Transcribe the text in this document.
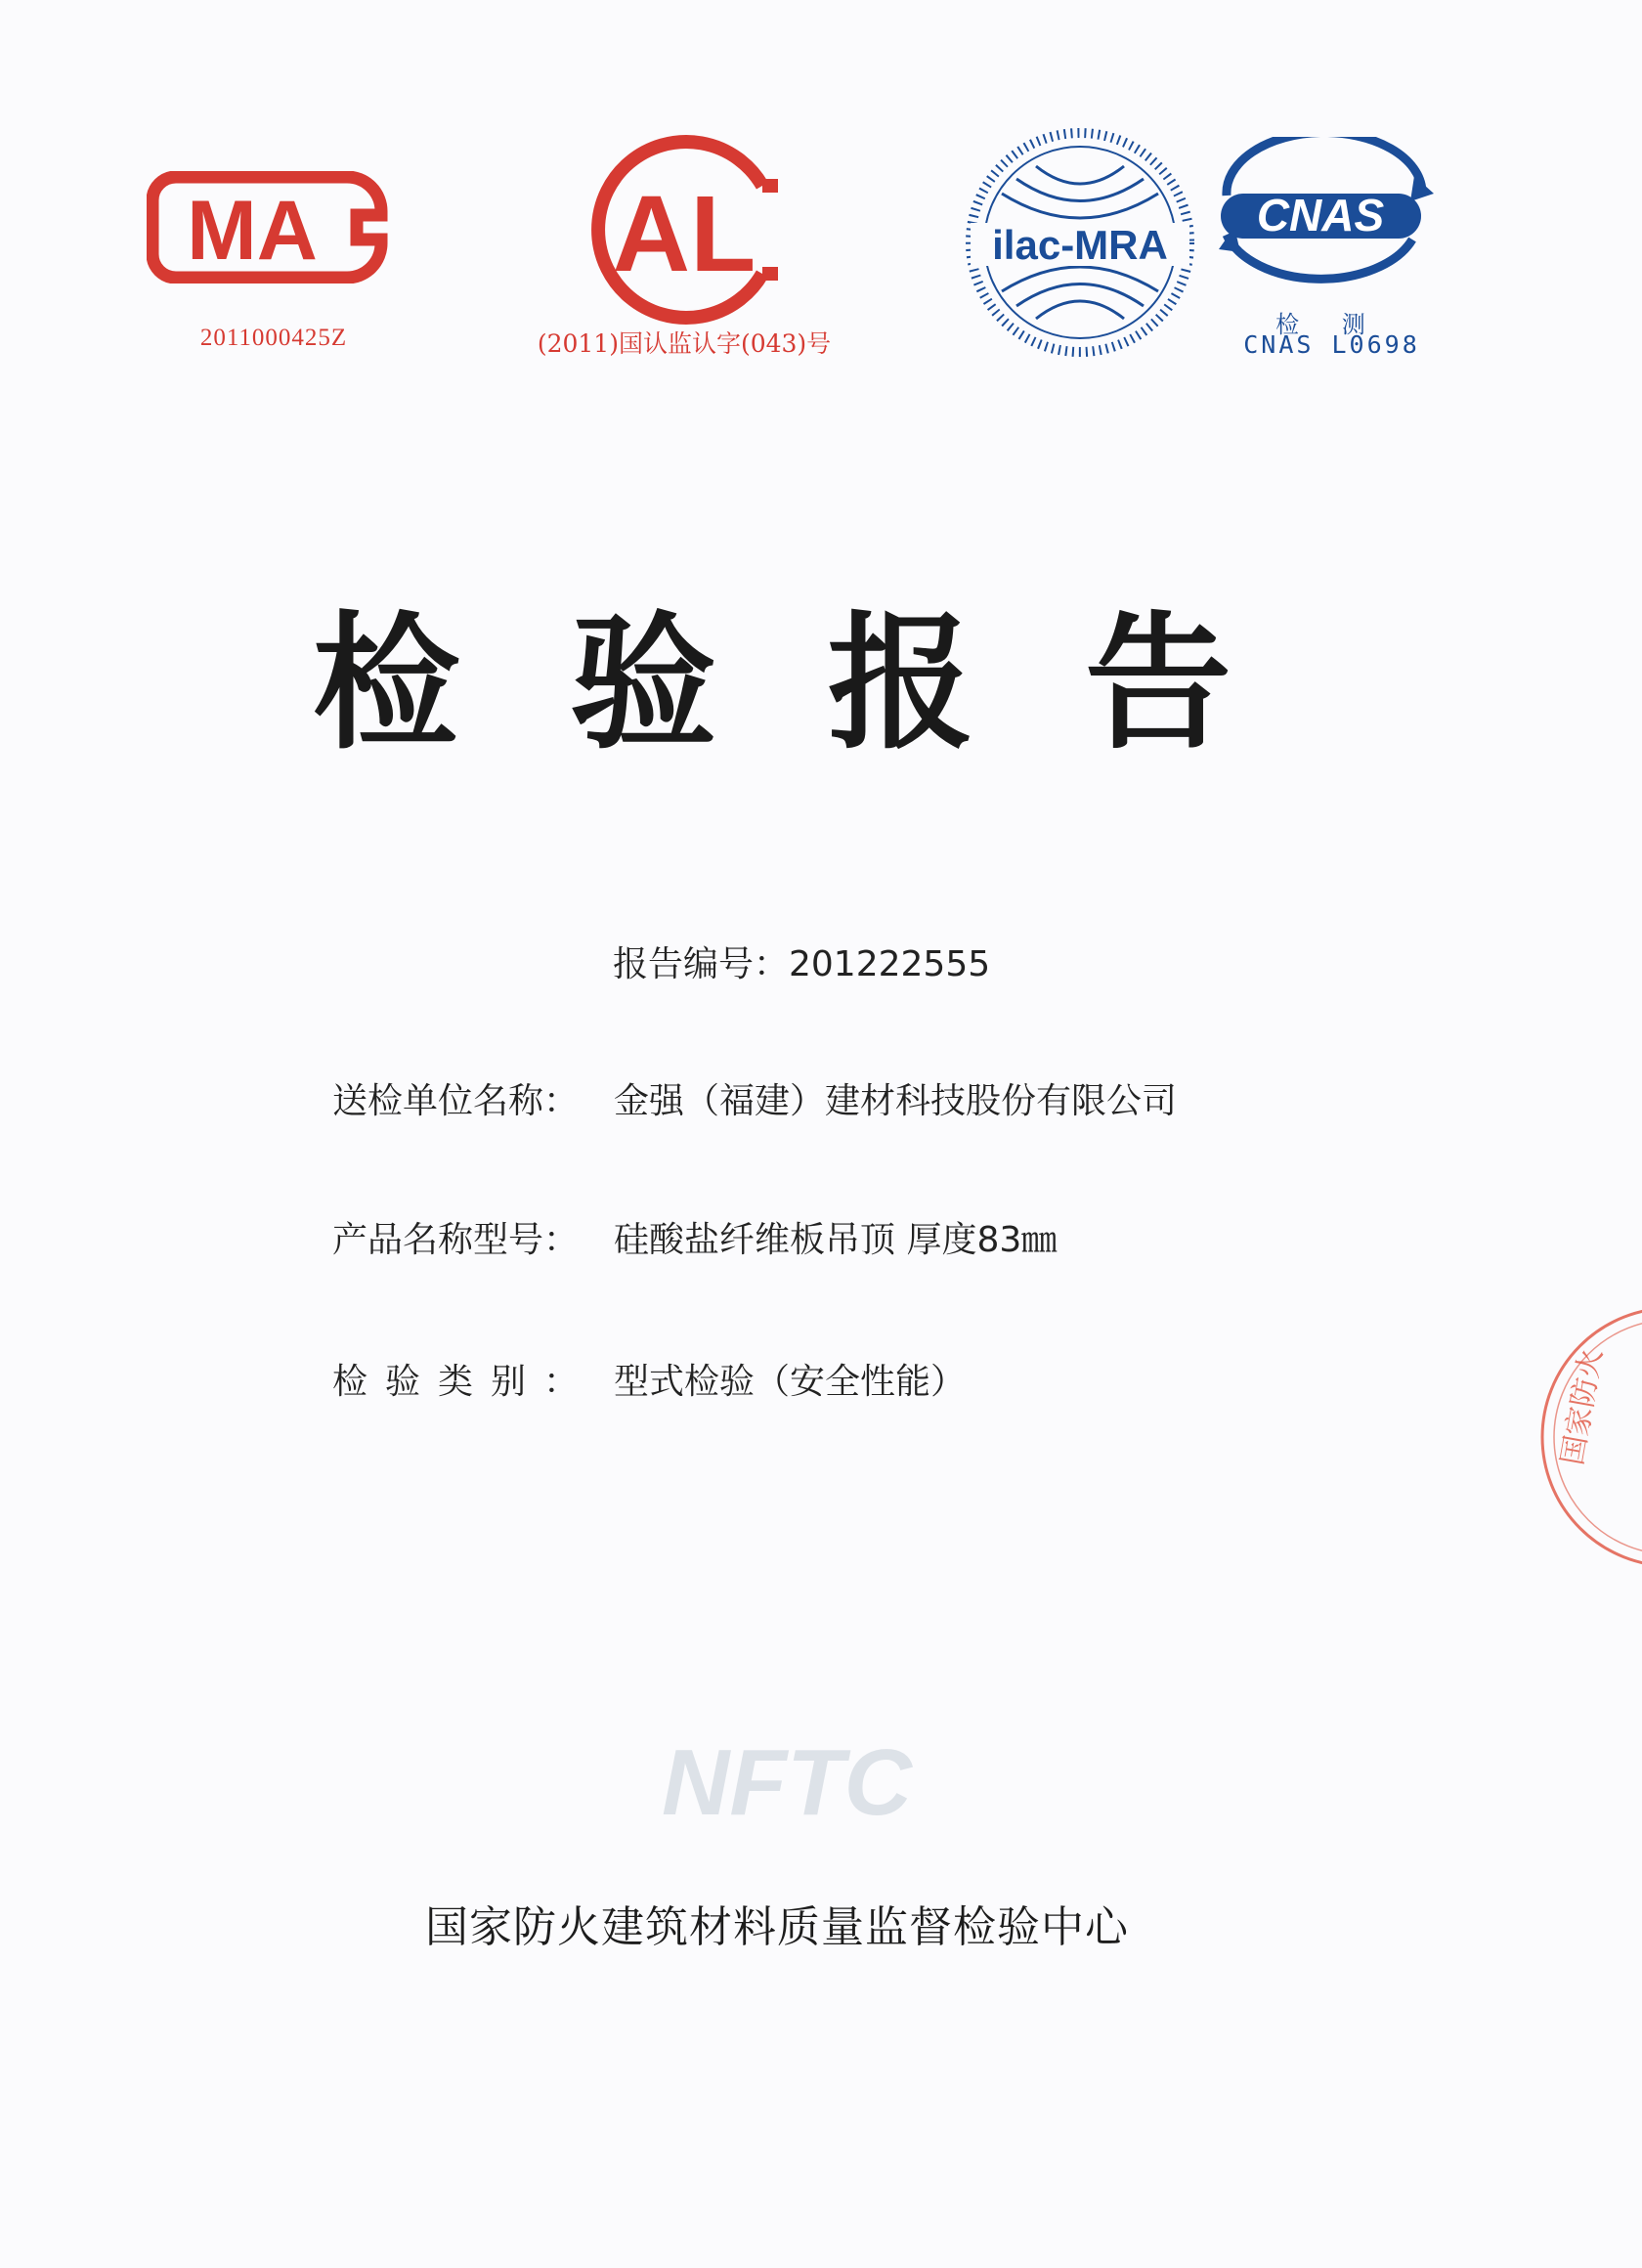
MA
2011000425Z
AL
(2011)国认监认字(043)号
ilac-MRA
CNAS
检 测
CNAS L0698
检 验 报 告
报告编号：201222555
送检单位名称： 金强（福建）建材科技股份有限公司
产品名称型号： 硅酸盐纤维板吊顶 厚度83㎜
检验类别： 型式检验（安全性能）
NFTC
国家防火建筑材料质量监督检验中心
国家防火
